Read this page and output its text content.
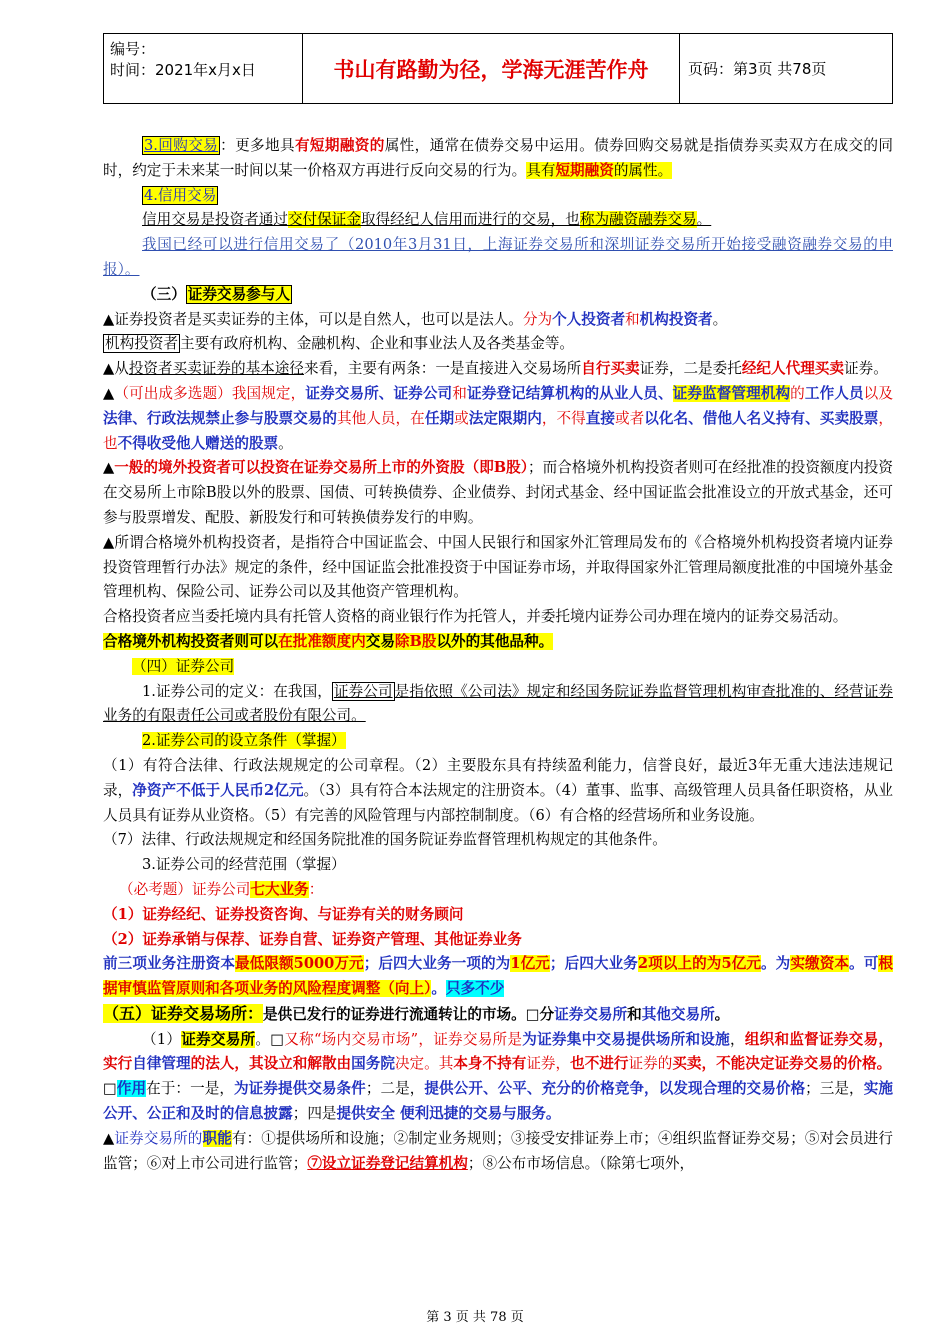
编号：
时间：2021年x月x日	书山有路勤为径，学海无涯苦作舟	页码：第3页 共78页

3.回购交易 ：更多地具有短期融资的属性，通常在债券交易中运用。债券回购交易就是指债券买卖双方在成交的同时，约定于未来某一时间以某一价格双方再进行反向交易的行为。具有短期融资的属性。

4.信用交易

信用交易是投资者通过交付保证金取得经纪人信用而进行的交易，也称为融资融券交易。

我国已经可以进行信用交易了（2010年3月31日，上海证券交易所和深圳证券交易所开始接受融资融券交易的申报）。

（三） 证券交易参与人

▲证券投资者是买卖证券的主体，可以是自然人，也可以是法人。分为个人投资者和机构投资者。

机构投资者 主要有政府机构、金融机构、企业和事业法人及各类基金等。

▲从投资者买卖证券的基本途径来看，主要有两条：一是直接进入交易场所自行买卖证券，二是委托经纪人代理买卖证券。

▲（可出成多选题）我国规定，证券交易所、证券公司和证券登记结算机构的从业人员、证券监督管理机构的工作人员以及法律、行政法规禁止参与股票交易的其他人员，在任期或法定限期内，不得直接或者以化名、借他人名义持有、买卖股票，也不得收受他人赠送的股票。

▲一般的境外投资者可以投资在证券交易所上市的外资股（即B股）；而合格境外机构投资者则可在经批准的投资额度内投资在交易所上市除B股以外的股票、国债、可转换债券、企业债券、封闭式基金、经中国证监会批准设立的开放式基金，还可参与股票增发、配股、新股发行和可转换债券发行的申购。

▲所谓合格境外机构投资者，是指符合中国证监会、中国人民银行和国家外汇管理局发布的《合格境外机构投资者境内证券投资管理暂行办法》规定的条件，经中国证监会批准投资于中国证券市场，并取得国家外汇管理局额度批准的中国境外基金管理机构、保险公司、证券公司以及其他资产管理机构。

合格投资者应当委托境内具有托管人资格的商业银行作为托管人，并委托境内证券公司办理在境内的证券交易活动。

合格境外机构投资者则可以在批准额度内交易除B股以外的其他品种。

（四）证券公司

1.证券公司的定义：在我国， 证券公司 是指依照《公司法》规定和经国务院证券监督管理机构审查批准的、经营证券业务的有限责任公司或者股份有限公司。

2.证券公司的设立条件（掌握）

（1）有符合法律、行政法规规定的公司章程。（2）主要股东具有持续盈利能力，信誉良好，最近3年无重大违法违规记录，净资产不低于人民币2亿元。（3）具有符合本法规定的注册资本。（4）董事、监事、高级管理人员具备任职资格，从业人员具有证券从业资格。（5）有完善的风险管理与内部控制制度。（6）有合格的经营场所和业务设施。

（7）法律、行政法规规定和经国务院批准的国务院证券监督管理机构规定的其他条件。

3.证券公司的经营范围（掌握）

（必考题）证券公司七大业务：

（1）证券经纪、证券投资咨询、与证券有关的财务顾问

（2）证券承销与保荐、证券自营、证券资产管理、其他证券业务

前三项业务注册资本最低限额5000万元；后四大业务一项的为1亿元；后四大业务2项以上的为5亿元。为实缴资本。可根据审慎监管原则和各项业务的风险程度调整（向上）。只多不少

（五）证券交易场所：是供已发行的证券进行流通转让的市场。□分证券交易所和其他交易所。

（1）证券交易所。□又称“场内交易市场”，证券交易所是为证券集中交易提供场所和设施，组织和监督证券交易，实行自律管理的法人，其设立和解散由国务院决定。其本身不持有证券，也不进行证券的买卖，不能决定证券交易的价格。

□作用在于：一是，为证券提供交易条件；二是，提供公开、公平、充分的价格竞争，以发现合理的交易价格；三是，实施公开、公正和及时的信息披露；四是提供安全 便利迅捷的交易与服务。

▲证券交易所的职能有：①提供场所和设施；②制定业务规则；③接受安排证券上市；④组织监督证券交易；⑤对会员进行监管；⑥对上市公司进行监管；⑦设立证券登记结算机构；⑧公布市场信息。（除第七项外，

第 3 页 共 78 页
